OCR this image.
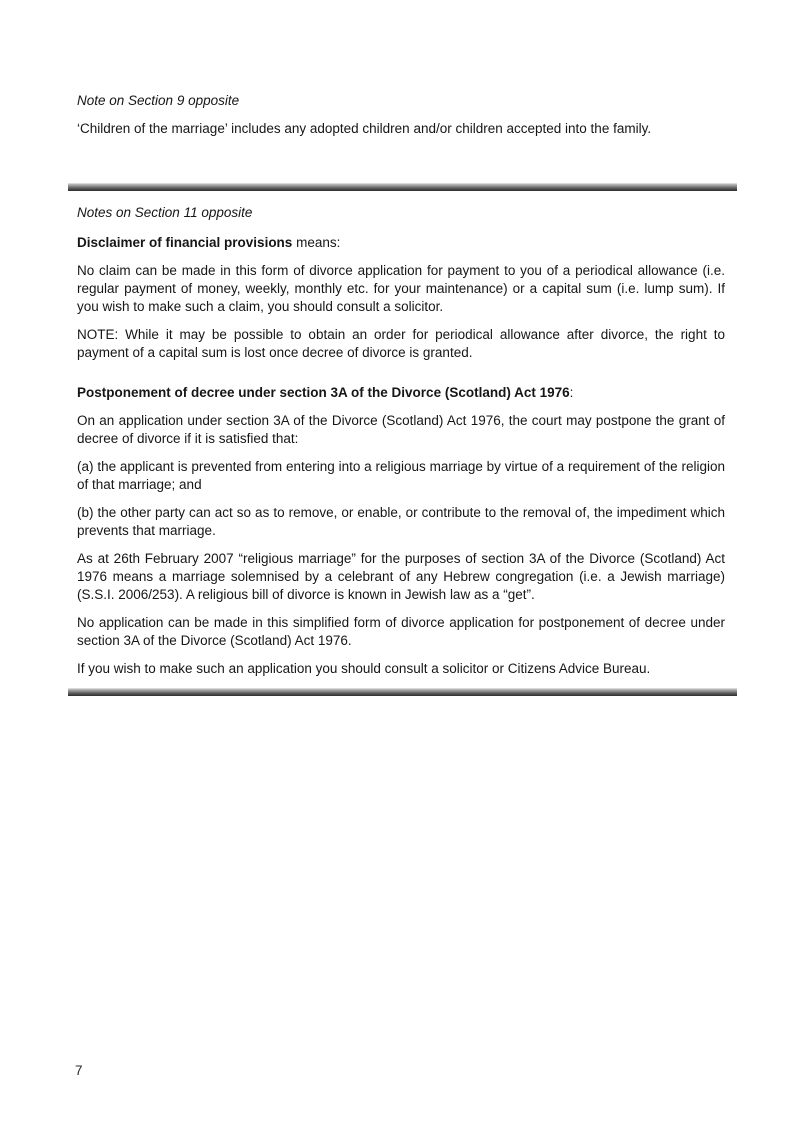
Note on Section 9 opposite

‘Children of the marriage’ includes any adopted children and/or children accepted into the family.

Notes on Section 11 opposite

Disclaimer of financial provisions means:

No claim can be made in this form of divorce application for payment to you of a periodical allowance (i.e. regular payment of money, weekly, monthly etc. for your maintenance) or a capital sum (i.e. lump sum). If you wish to make such a claim, you should consult a solicitor.

NOTE: While it may be possible to obtain an order for periodical allowance after divorce, the right to payment of a capital sum is lost once decree of divorce is granted.

Postponement of decree under section 3A of the Divorce (Scotland) Act 1976:

On an application under section 3A of the Divorce (Scotland) Act 1976, the court may postpone the grant of decree of divorce if it is satisfied that:

(a) the applicant is prevented from entering into a religious marriage by virtue of a requirement of the religion of that marriage; and

(b) the other party can act so as to remove, or enable, or contribute to the removal of, the impediment which prevents that marriage.

As at 26th February 2007 “religious marriage” for the purposes of section 3A of the Divorce (Scotland) Act 1976 means a marriage solemnised by a celebrant of any Hebrew congregation (i.e. a Jewish marriage) (S.S.I. 2006/253). A religious bill of divorce is known in Jewish law as a “get”.

No application can be made in this simplified form of divorce application for postponement of decree under section 3A of the Divorce (Scotland) Act 1976.

If you wish to make such an application you should consult a solicitor or Citizens Advice Bureau.

7
